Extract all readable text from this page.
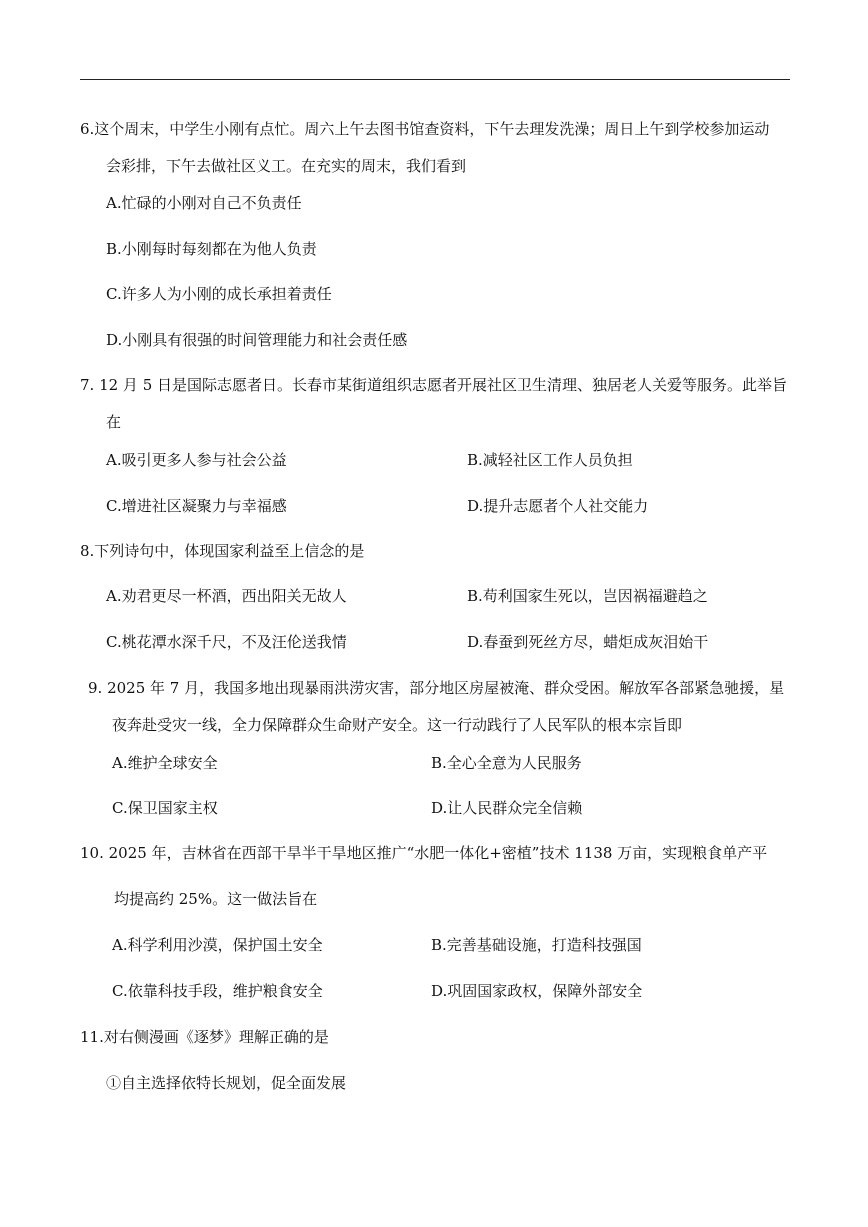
6.这个周末，中学生小刚有点忙。周六上午去图书馆查资料，下午去理发洗澡；周日上午到学校参加运动
会彩排，下午去做社区义工。在充实的周末，我们看到
A.忙碌的小刚对自己不负责任
B.小刚每时每刻都在为他人负责
C.许多人为小刚的成长承担着责任
D.小刚具有很强的时间管理能力和社会责任感
7. 12 月 5 日是国际志愿者日。长春市某街道组织志愿者开展社区卫生清理、独居老人关爱等服务。此举旨
在
A.吸引更多人参与社会公益	B.减轻社区工作人员负担
C.增进社区凝聚力与幸福感	D.提升志愿者个人社交能力
8.下列诗句中，体现国家利益至上信念的是
A.劝君更尽一杯酒，西出阳关无故人	B.苟利国家生死以，岂因祸福避趋之
C.桃花潭水深千尺，不及汪伦送我情	D.春蚕到死丝方尽，蜡炬成灰泪始干
9. 2025 年 7 月，我国多地出现暴雨洪涝灾害，部分地区房屋被淹、群众受困。解放军各部紧急驰援，星
夜奔赴受灾一线，全力保障群众生命财产安全。这一行动践行了人民军队的根本宗旨即
A.维护全球安全	B.全心全意为人民服务
C.保卫国家主权	D.让人民群众完全信赖
10. 2025 年，吉林省在西部干旱半干旱地区推广“水肥一体化+密植”技术 1138 万亩，实现粮食单产平
均提高约 25%。这一做法旨在
A.科学利用沙漠，保护国土安全	B.完善基础设施，打造科技强国
C.依靠科技手段，维护粮食安全	D.巩固国家政权，保障外部安全
11.对右侧漫画《逐梦》理解正确的是
①自主选择依特长规划，促全面发展
